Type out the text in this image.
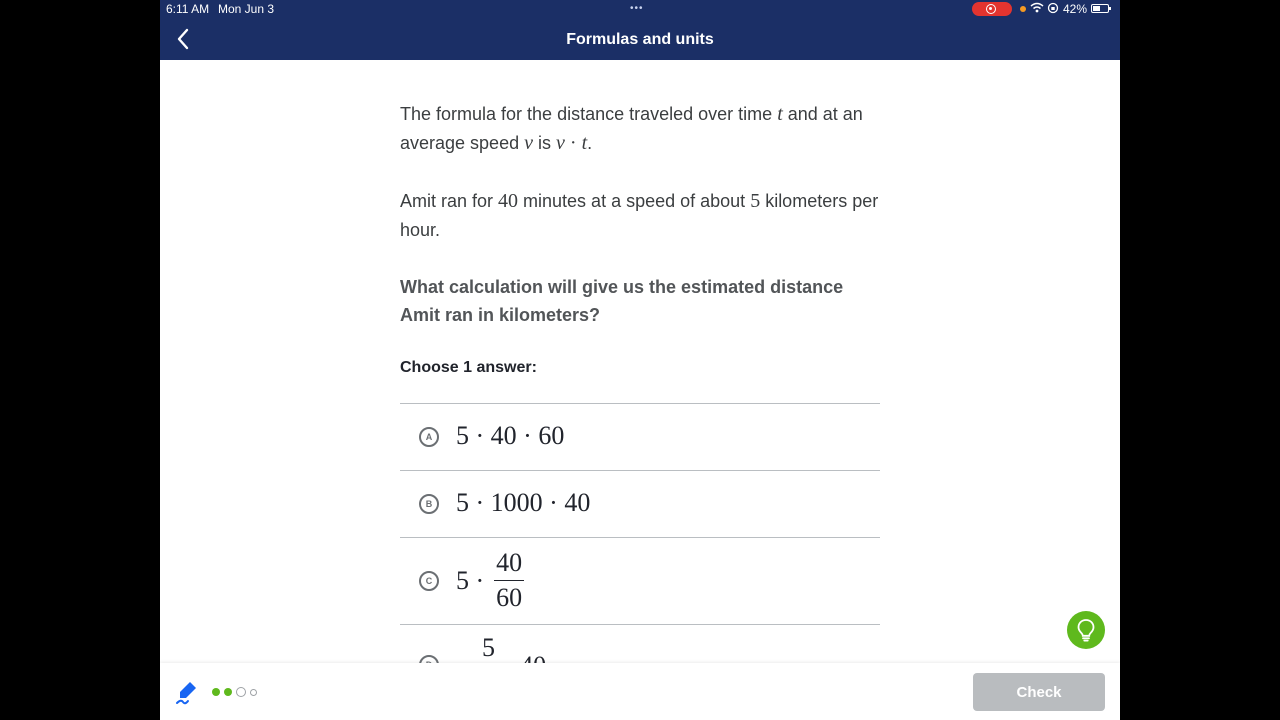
6:11 AM Mon Jun 3	•••	42%
Formulas and units

The formula for the distance traveled over time t and at an average speed v is v · t.

Amit ran for 40 minutes at a speed of about 5 kilometers per hour.

What calculation will give us the estimated distance Amit ran in kilometers?
Choose 1 answer:
A 5 · 40 · 60
B 5 · 1000 · 40
C $5 \cdot \frac{40}{60}$
5

Check
